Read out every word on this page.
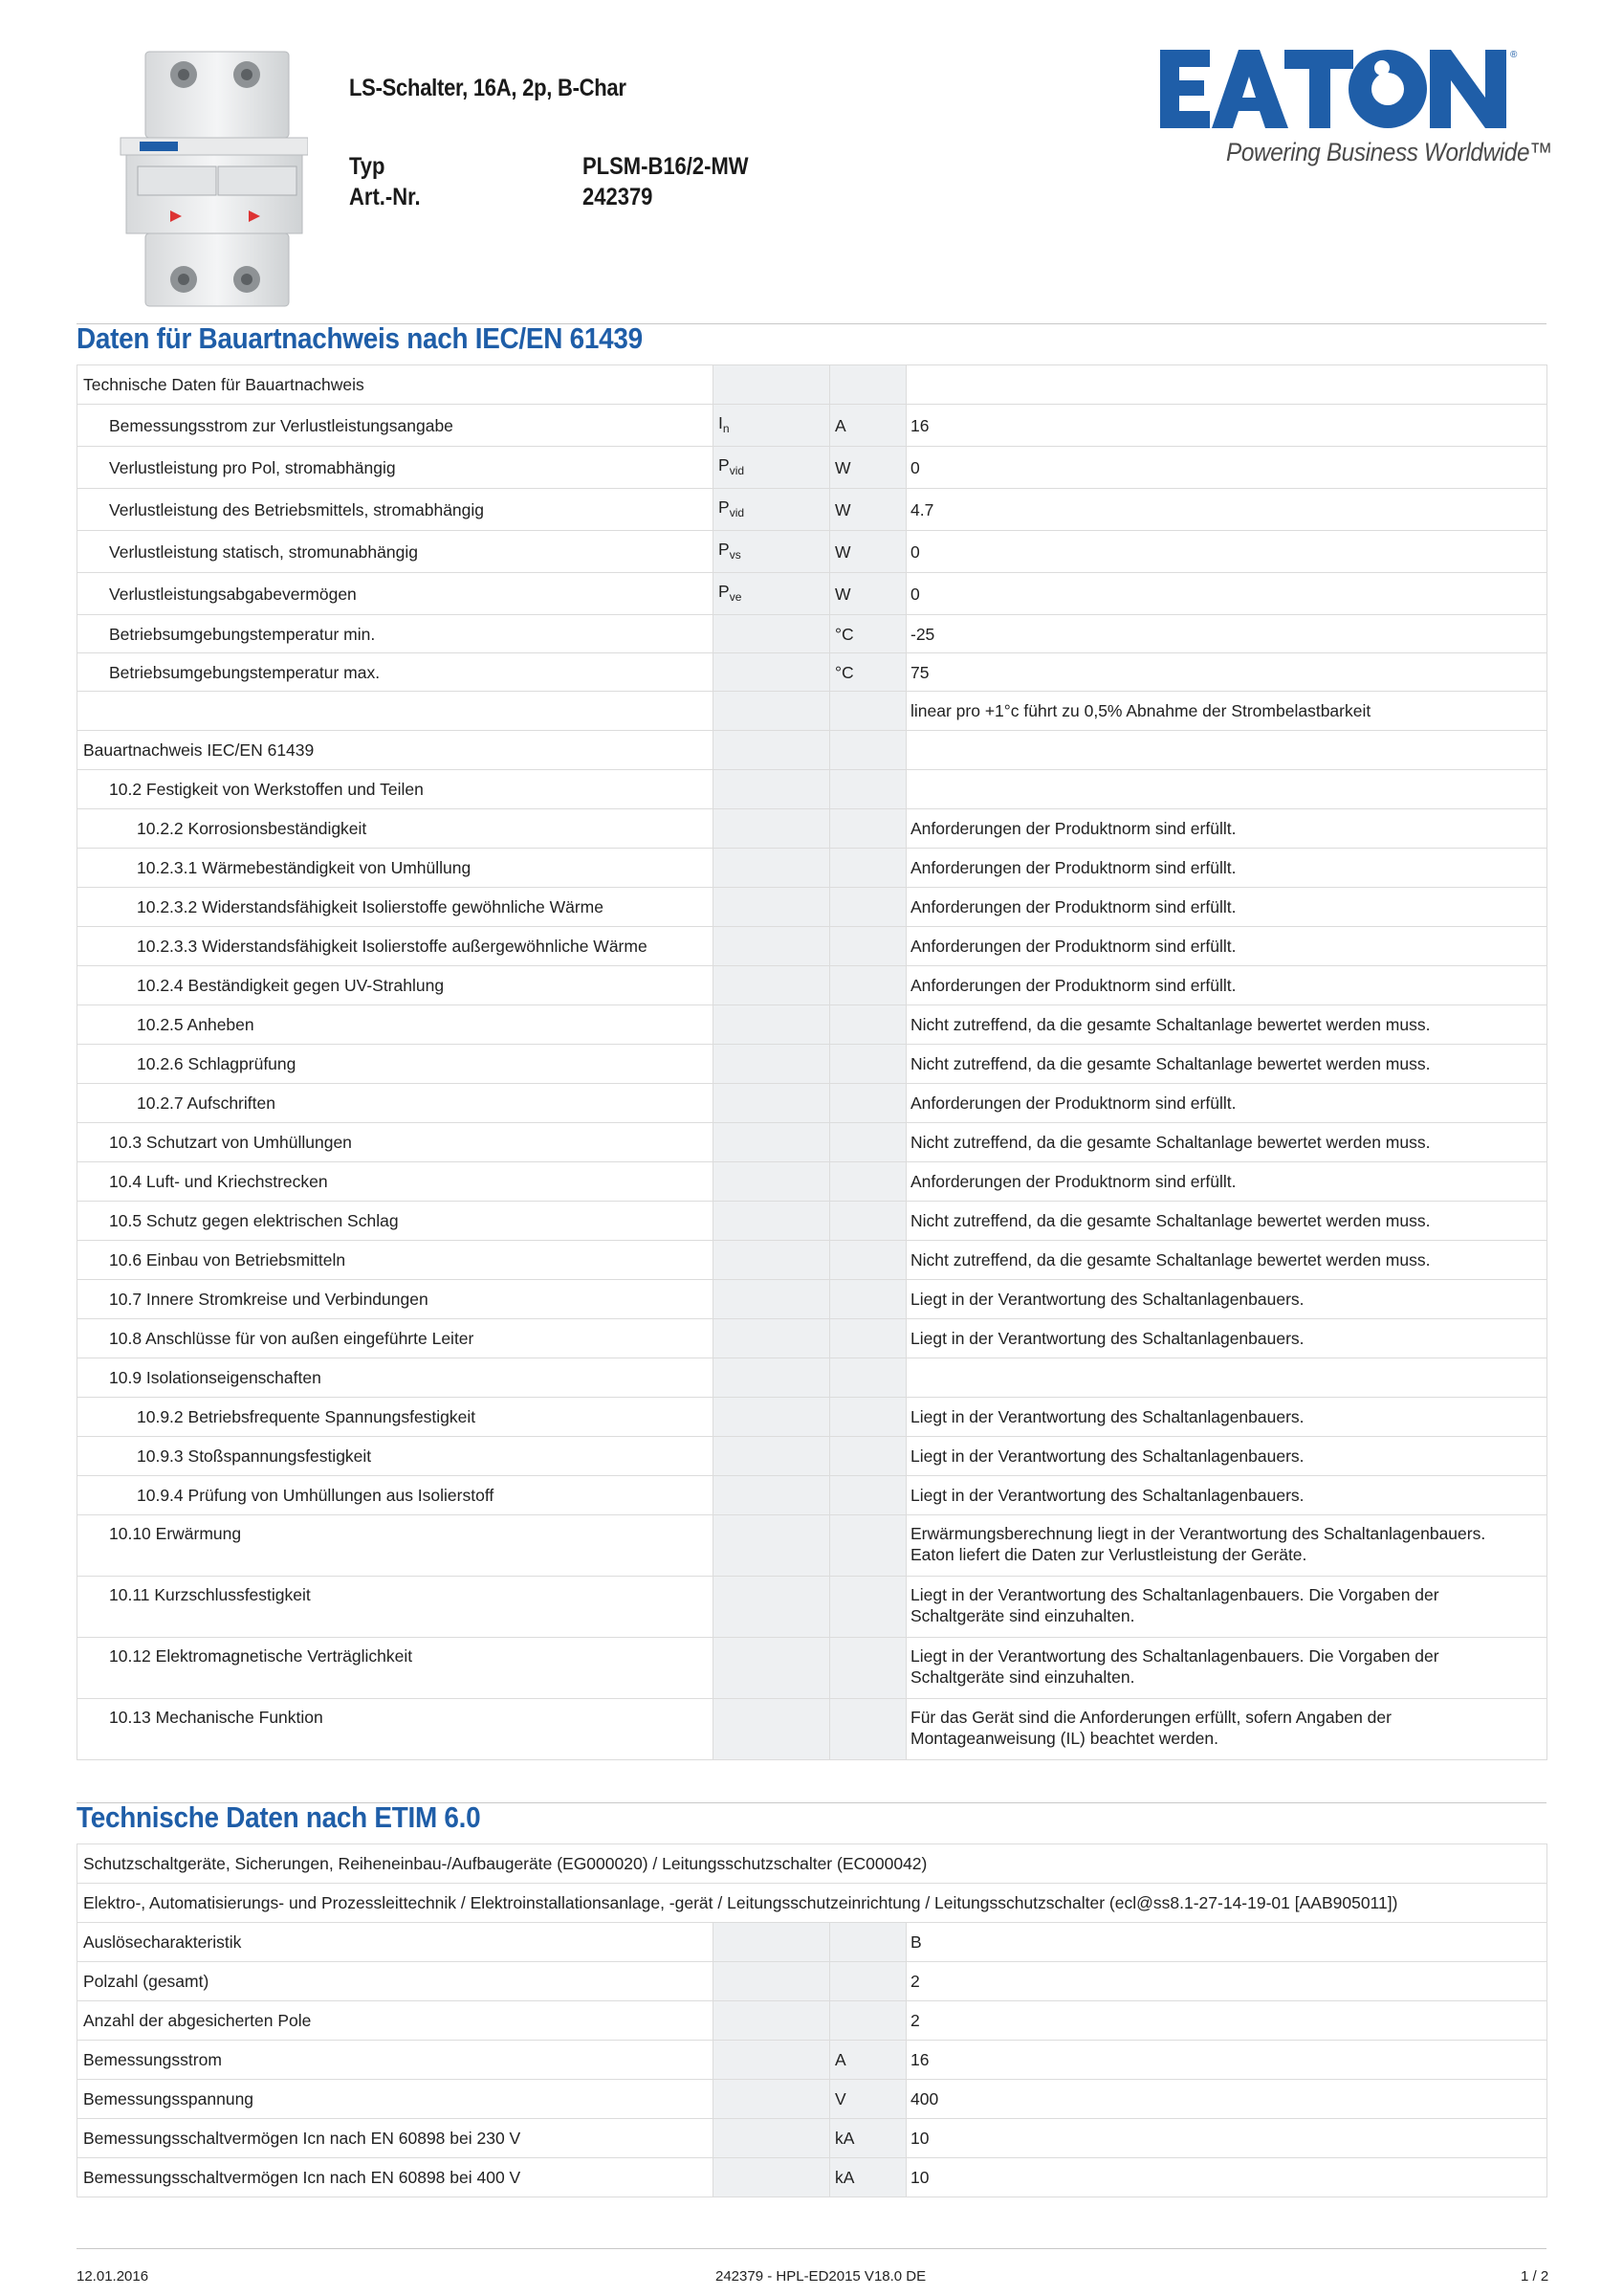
LS-Schalter, 16A, 2p, B-Char
Typ	PLSM-B16/2-MW
Art.-Nr.	242379
®
Powering Business Worldwide™
Daten für Bauartnachweis nach IEC/EN 61439
Technische Daten für Bauartnachweis			

Bemessungsstrom zur Verlustleistungsangabe	$I_n$	A	16

Verlustleistung pro Pol, stromabhängig	$P_{vid}$	W	0

Verlustleistung des Betriebsmittels, stromabhängig	$P_{vid}$	W	4.7

Verlustleistung statisch, stromunabhängig	$P_{vs}$	W	0

Verlustleistungsabgabevermögen	$P_{ve}$	W	0

Betriebsumgebungstemperatur min.		°C	-25

Betriebsumgebungstemperatur max.		°C	75

			linear pro +1°c führt zu 0,5% Abnahme der Strombelastbarkeit

Bauartnachweis IEC/EN 61439			

10.2 Festigkeit von Werkstoffen und Teilen			

10.2.2 Korrosionsbeständigkeit			Anforderungen der Produktnorm sind erfüllt.

10.2.3.1 Wärmebeständigkeit von Umhüllung			Anforderungen der Produktnorm sind erfüllt.

10.2.3.2 Widerstandsfähigkeit Isolierstoffe gewöhnliche Wärme			Anforderungen der Produktnorm sind erfüllt.

10.2.3.3 Widerstandsfähigkeit Isolierstoffe außergewöhnliche Wärme			Anforderungen der Produktnorm sind erfüllt.

10.2.4 Beständigkeit gegen UV-Strahlung			Anforderungen der Produktnorm sind erfüllt.

10.2.5 Anheben			Nicht zutreffend, da die gesamte Schaltanlage bewertet werden muss.

10.2.6 Schlagprüfung			Nicht zutreffend, da die gesamte Schaltanlage bewertet werden muss.

10.2.7 Aufschriften			Anforderungen der Produktnorm sind erfüllt.

10.3 Schutzart von Umhüllungen			Nicht zutreffend, da die gesamte Schaltanlage bewertet werden muss.

10.4 Luft- und Kriechstrecken			Anforderungen der Produktnorm sind erfüllt.

10.5 Schutz gegen elektrischen Schlag			Nicht zutreffend, da die gesamte Schaltanlage bewertet werden muss.

10.6 Einbau von Betriebsmitteln			Nicht zutreffend, da die gesamte Schaltanlage bewertet werden muss.

10.7 Innere Stromkreise und Verbindungen			Liegt in der Verantwortung des Schaltanlagenbauers.

10.8 Anschlüsse für von außen eingeführte Leiter			Liegt in der Verantwortung des Schaltanlagenbauers.

10.9 Isolationseigenschaften			

10.9.2 Betriebsfrequente Spannungsfestigkeit			Liegt in der Verantwortung des Schaltanlagenbauers.

10.9.3 Stoßspannungsfestigkeit			Liegt in der Verantwortung des Schaltanlagenbauers.

10.9.4 Prüfung von Umhüllungen aus Isolierstoff			Liegt in der Verantwortung des Schaltanlagenbauers.

10.10 Erwärmung			Erwärmungsberechnung liegt in der Verantwortung des Schaltanlagenbauers.
Eaton liefert die Daten zur Verlustleistung der Geräte.

10.11 Kurzschlussfestigkeit			Liegt in der Verantwortung des Schaltanlagenbauers. Die Vorgaben der
Schaltgeräte sind einzuhalten.

10.12 Elektromagnetische Verträglichkeit			Liegt in der Verantwortung des Schaltanlagenbauers. Die Vorgaben der
Schaltgeräte sind einzuhalten.

10.13 Mechanische Funktion			Für das Gerät sind die Anforderungen erfüllt, sofern Angaben der
Montageanweisung (IL) beachtet werden.
Technische Daten nach ETIM 6.0
Schutzschaltgeräte, Sicherungen, Reiheneinbau-/Aufbaugeräte (EG000020) / Leitungsschutzschalter (EC000042)			
Elektro-, Automatisierungs- und Prozessleittechnik / Elektroinstallationsanlage, -gerät / Leitungsschutzeinrichtung / Leitungsschutzschalter (ecl@ss8.1-27-14-19-01 [AAB905011])			
Auslösecharakteristik			B
Polzahl (gesamt)			2
Anzahl der abgesicherten Pole			2
Bemessungsstrom		A	16
Bemessungsspannung		V	400
Bemessungsschaltvermögen Icn nach EN 60898 bei 230 V		kA	10
Bemessungsschaltvermögen Icn nach EN 60898 bei 400 V		kA	10
12.01.2016	242379 - HPL-ED2015 V18.0 DE	1 / 2
